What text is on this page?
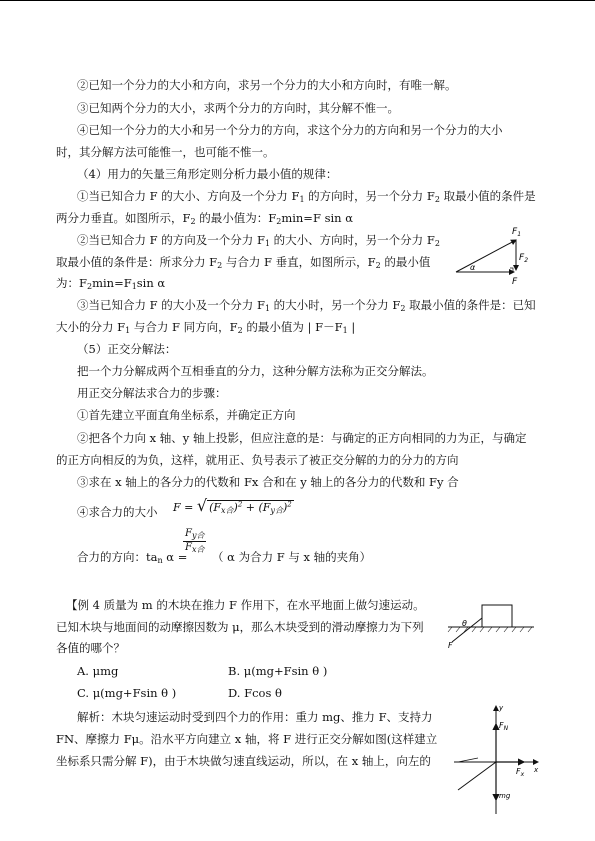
②已知一个分力的大小和方向，求另一个分力的大小和方向时，有唯一解。
③已知两个分力的大小，求两个分力的方向时，其分解不惟一。
④已知一个分力的大小和另一个分力的方向，求这个分力的方向和另一个分力的大小
时，其分解方法可能惟一，也可能不惟一。
（4）用力的矢量三角形定则分析力最小值的规律：
①当已知合力 F 的大小、方向及一个分力 $F_1$ 的方向时，另一个分力 $F_2$ 取最小值的条件是
两分力垂直。如图所示，$F_2$ 的最小值为：$F_2\min=F$ sin α
②当已知合力 F 的方向及一个分力 $F_1$ 的大小、方向时，另一个分力 $F_2$
取最小值的条件是：所求分力 $F_2$ 与合力 F 垂直，如图所示，$F_2$ 的最小值
为：$F_2\min=F_1\sin$ α
$F_1$
$F_2$
F
α
③当已知合力 F 的大小及一个分力 $F_1$ 的大小时，另一个分力 $F_2$ 取最小值的条件是：已知
大小的分力 $F_1$ 与合力 F 同方向，$F_2$ 的最小值为 | $F-F_1$ |
（5）正交分解法：
把一个力分解成两个互相垂直的分力，这种分解方法称为正交分解法。
用正交分解法求合力的步骤：
①首先建立平面直角坐标系，并确定正方向
②把各个力向 x 轴、y 轴上投影，但应注意的是：与确定的正方向相同的力为正，与确定
的正方向相反的为负，这样，就用正、负号表示了被正交分解的力的分力的方向
③求在 x 轴上的各分力的代数和 Fx 合和在 y 轴上的各分力的代数和 Fy 合
④求合力的大小 F = √ $(F_{x合})^2 + (F_{y合})^2$
合力的方向：$ta_n$ α =
$F_{y合}$
$F_{x合}$
（ α 为合力 F 与 x 轴的夹角）
【例 4 质量为 m 的木块在推力 F 作用下，在水平地面上做匀速运动。
已知木块与地面间的动摩擦因数为 μ，那么木块受到的滑动摩擦力为下列
各值的哪个？
θ
F
A. μmg	B. μ(mg+Fsin θ )
C. μ(mg+Fsin θ )	D. Fcos θ
解析：木块匀速运动时受到四个力的作用：重力 mg、推力 F、支持力
FN、摩擦力 Fμ。沿水平方向建立 x 轴，将 F 进行正交分解如图(这样建立
坐标系只需分解 F)，由于木块做匀速直线运动，所以，在 x 轴上，向左的
y
x
$F_N$
$F_x$
mg
